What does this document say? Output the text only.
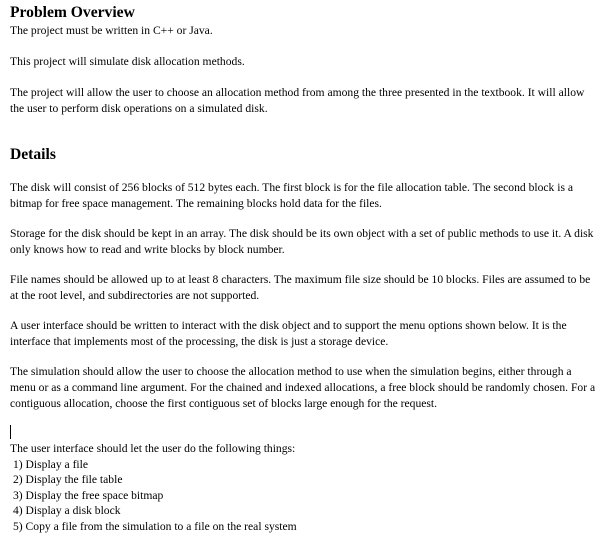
Problem Overview

The project must be written in C++ or Java.

This project will simulate disk allocation methods.

The project will allow the user to choose an allocation method from among the three presented in the textbook. It will allow the user to perform disk operations on a simulated disk.

Details

The disk will consist of 256 blocks of 512 bytes each. The first block is for the file allocation table. The second block is a bitmap for free space management. The remaining blocks hold data for the files.

Storage for the disk should be kept in an array. The disk should be its own object with a set of public methods to use it. A disk only knows how to read and write blocks by block number.

File names should be allowed up to at least 8 characters. The maximum file size should be 10 blocks. Files are assumed to be at the root level, and subdirectories are not supported.

A user interface should be written to interact with the disk object and to support the menu options shown below. It is the interface that implements most of the processing, the disk is just a storage device.

The simulation should allow the user to choose the allocation method to use when the simulation begins, either through a menu or as a command line argument. For the chained and indexed allocations, a free block should be randomly chosen. For a contiguous allocation, choose the first contiguous set of blocks large enough for the request.

The user interface should let the user do the following things:

1) Display a file
2) Display the file table
3) Display the free space bitmap
4) Display a disk block
5) Copy a file from the simulation to a file on the real system
